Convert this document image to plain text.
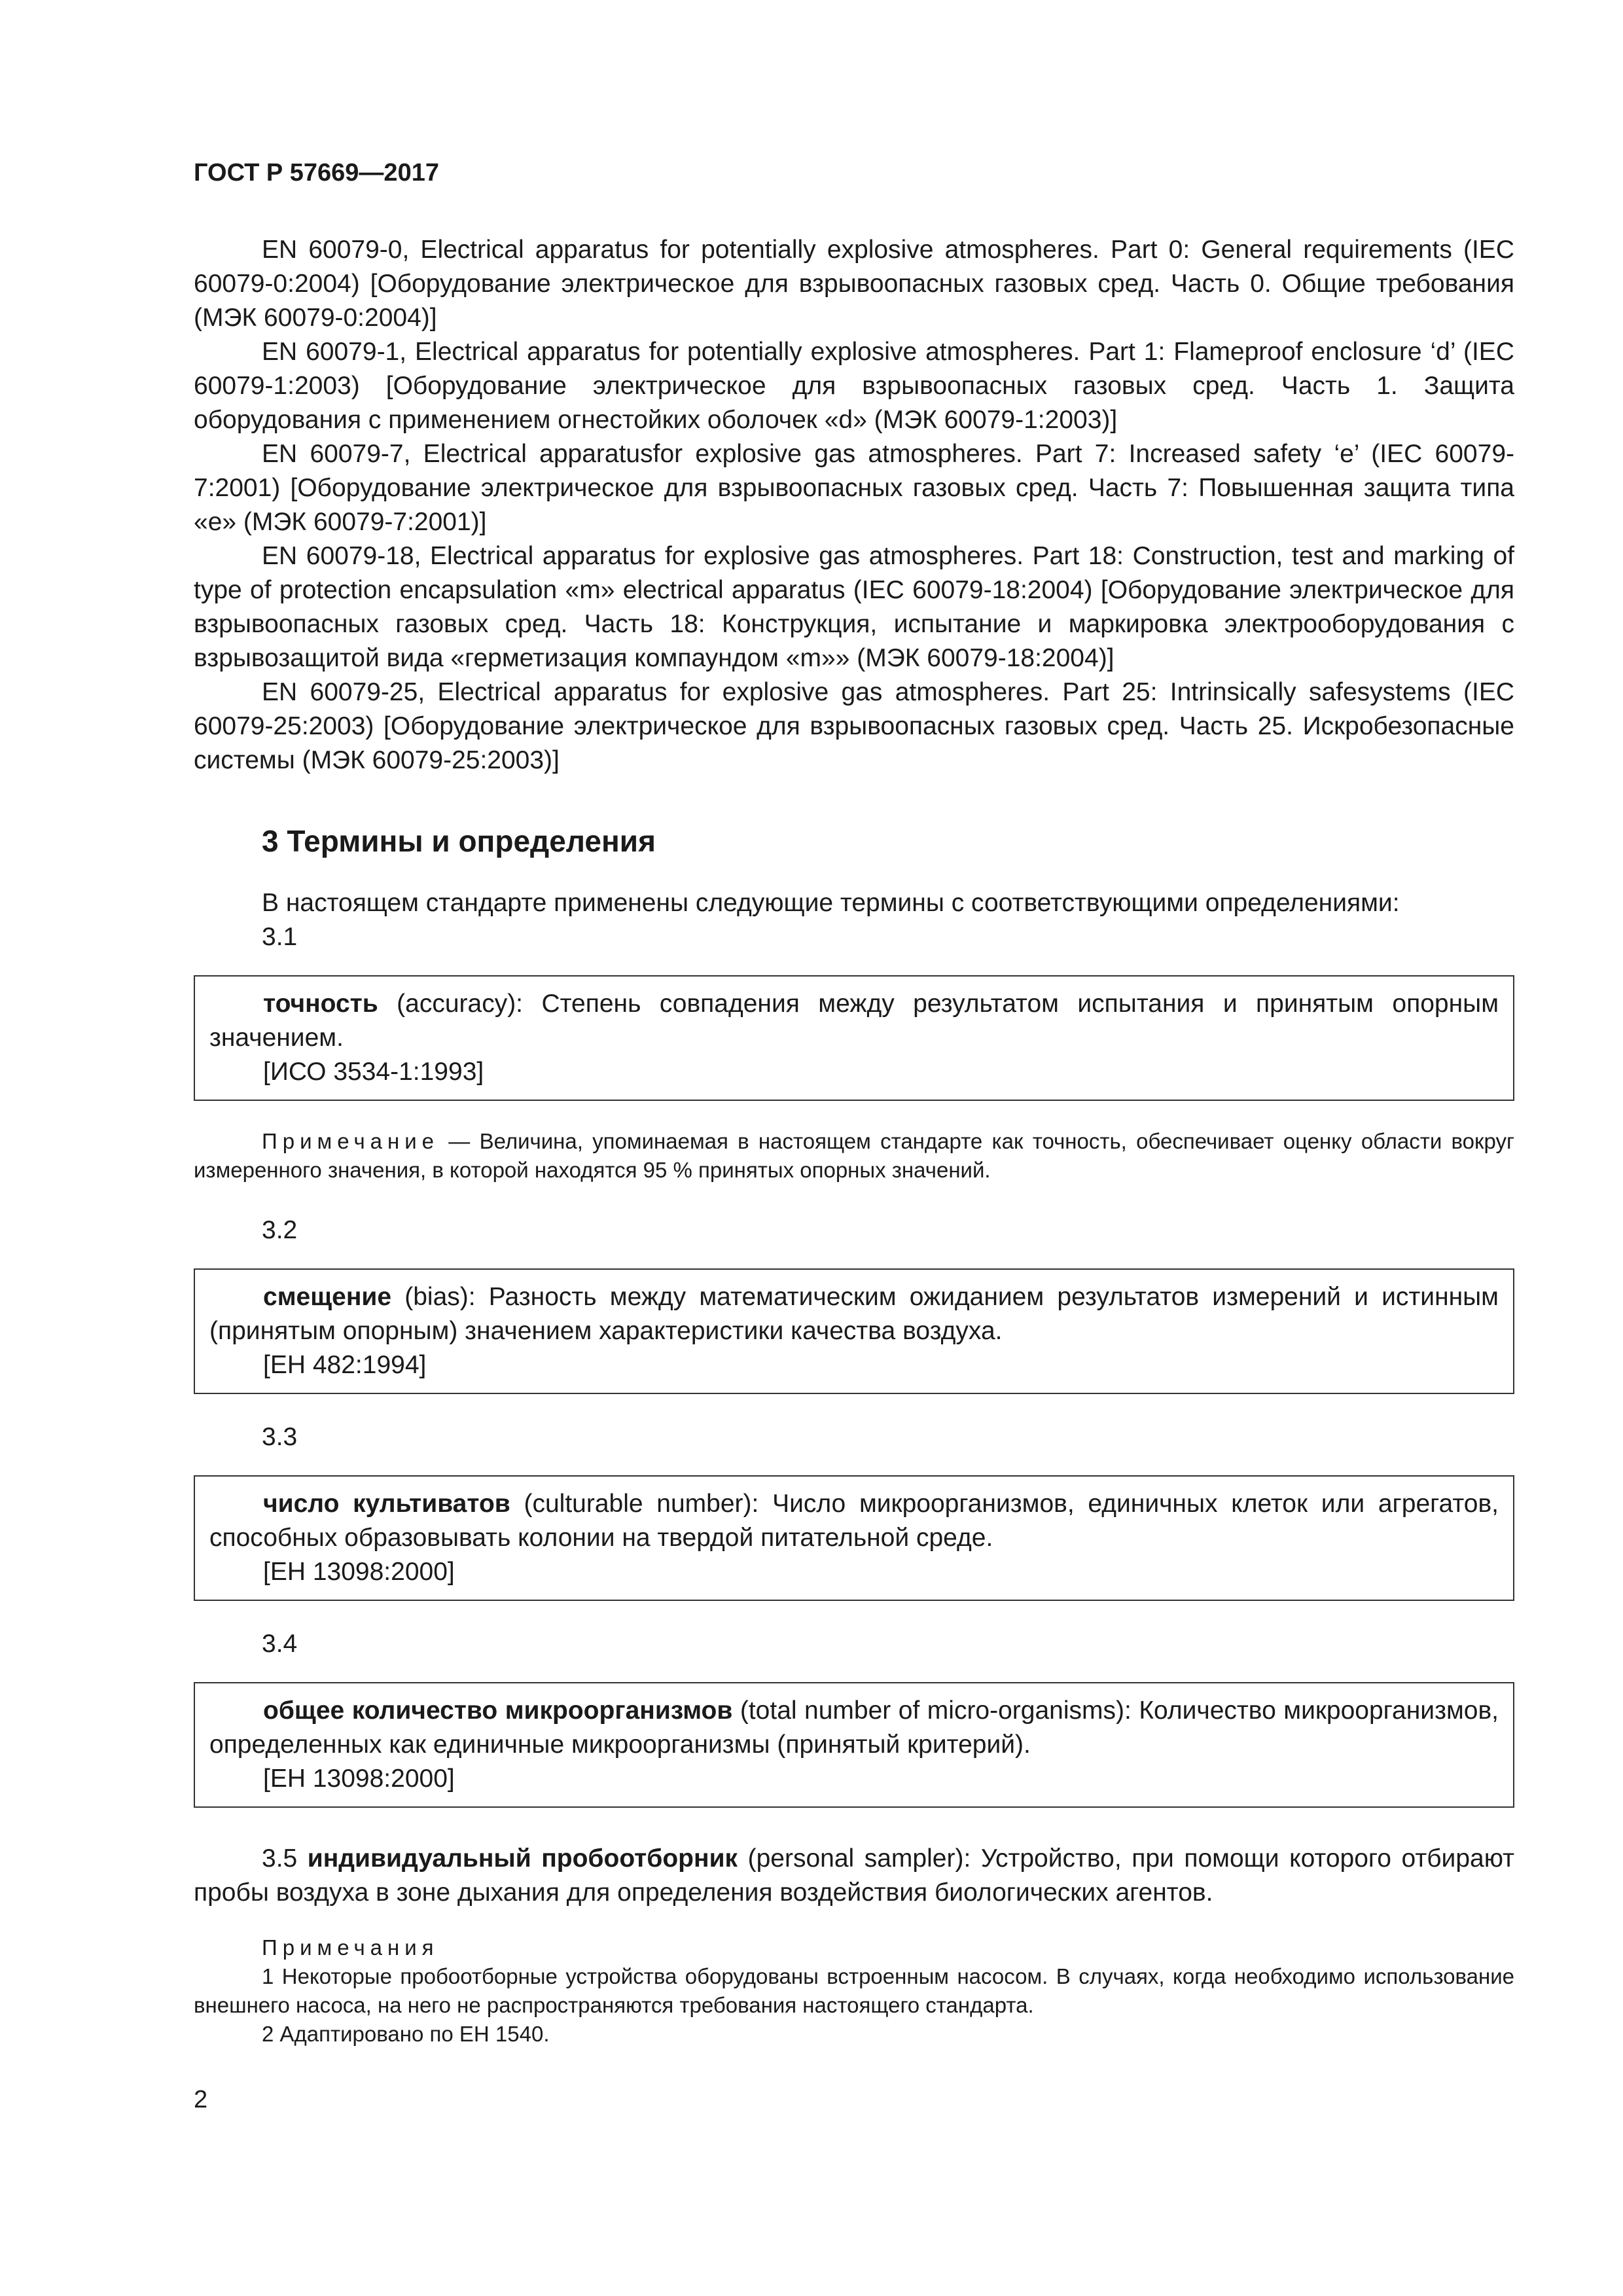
ГОСТ Р 57669—2017

EN 60079-0, Electrical apparatus for potentially explosive atmospheres. Part 0: General requirements (IEC 60079-0:2004) [Оборудование электрическое для взрывоопасных газовых сред. Часть 0. Общие требования (МЭК 60079-0:2004)]

EN 60079-1, Electrical apparatus for potentially explosive atmospheres. Part 1: Flameproof enclosure ‘d’ (IEC 60079-1:2003) [Оборудование электрическое для взрывоопасных газовых сред. Часть 1. Защита оборудования с применением огнестойких оболочек «d» (МЭК 60079-1:2003)]

EN 60079-7, Electrical apparatusfor explosive gas atmospheres. Part 7: Increased safety ‘e’ (IEC 60079-7:2001) [Оборудование электрическое для взрывоопасных газовых сред. Часть 7: Повышенная защита типа «е» (МЭК 60079-7:2001)]

EN 60079-18, Electrical apparatus for explosive gas atmospheres. Part 18: Construction, test and marking of type of protection encapsulation «m» electrical apparatus (IEC 60079-18:2004) [Оборудование электрическое для взрывоопасных газовых сред. Часть 18: Конструкция, испытание и маркировка электрооборудования с взрывозащитой вида «герметизация компаундом «m»» (МЭК 60079-18:2004)]

EN 60079-25, Electrical apparatus for explosive gas atmospheres. Part 25: Intrinsically safesystems (IEC 60079-25:2003) [Оборудование электрическое для взрывоопасных газовых сред. Часть 25. Искробезопасные системы (МЭК 60079-25:2003)]

3 Термины и определения

В настоящем стандарте применены следующие термины с соответствующими определениями:

3.1

точность (accuracy): Степень совпадения между результатом испытания и принятым опорным значением.

[ИСО 3534-1:1993]

Примечание — Величина, упоминаемая в настоящем стандарте как точность, обеспечивает оценку области вокруг измеренного значения, в которой находятся 95 % принятых опорных значений.

3.2

смещение (bias): Разность между математическим ожиданием результатов измерений и истинным (принятым опорным) значением характеристики качества воздуха.

[ЕН 482:1994]

3.3

число культиватов (culturable number): Число микроорганизмов, единичных клеток или агрегатов, способных образовывать колонии на твердой питательной среде.

[ЕН 13098:2000]

3.4

общее количество микроорганизмов (total number of micro-organisms): Количество микроорганизмов, определенных как единичные микроорганизмы (принятый критерий).

[ЕН 13098:2000]

3.5 индивидуальный пробоотборник (personal sampler): Устройство, при помощи которого отбирают пробы воздуха в зоне дыхания для определения воздействия биологических агентов.

Примечания

1 Некоторые пробоотборные устройства оборудованы встроенным насосом. В случаях, когда необходимо использование внешнего насоса, на него не распространяются требования настоящего стандарта.

2 Адаптировано по ЕН 1540.

2
